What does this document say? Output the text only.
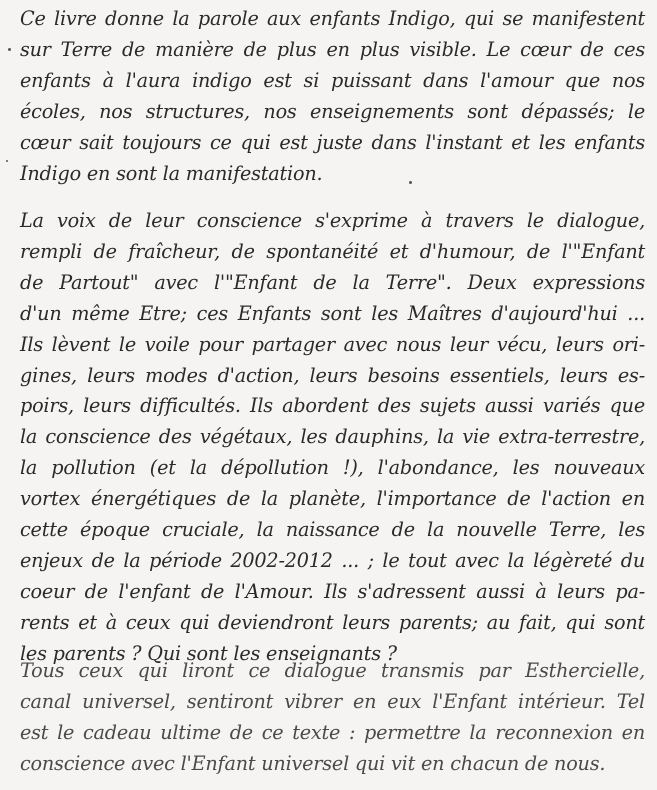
Ce livre donne la parole aux enfants Indigo, qui se manifestent
sur Terre de manière de plus en plus visible. Le cœur de ces
enfants à l'aura indigo est si puissant dans l'amour que nos
écoles, nos structures, nos enseignements sont dépassés; le
cœur sait toujours ce qui est juste dans l'instant et les enfants
Indigo en sont la manifestation.
La voix de leur conscience s'exprime à travers le dialogue,
rempli de fraîcheur, de spontanéité et d'humour, de l'"Enfant
de Partout" avec l'"Enfant de la Terre". Deux expressions
d'un même Etre; ces Enfants sont les Maîtres d'aujourd'hui ...
Ils lèvent le voile pour partager avec nous leur vécu, leurs ori-
gines, leurs modes d'action, leurs besoins essentiels, leurs es-
poirs, leurs difficultés. Ils abordent des sujets aussi variés que
la conscience des végétaux, les dauphins, la vie extra-terrestre,
la pollution (et la dépollution !), l'abondance, les nouveaux
vortex énergétiques de la planète, l'importance de l'action en
cette époque cruciale, la naissance de la nouvelle Terre, les
enjeux de la période 2002-2012 ... ; le tout avec la légèreté du
coeur de l'enfant de l'Amour. Ils s'adressent aussi à leurs pa-
rents et à ceux qui deviendront leurs parents; au fait, qui sont
les parents ? Qui sont les enseignants ?
Tous ceux qui liront ce dialogue transmis par Esthercielle,
canal universel, sentiront vibrer en eux l'Enfant intérieur. Tel
est le cadeau ultime de ce texte : permettre la reconnexion en
conscience avec l'Enfant universel qui vit en chacun de nous.
